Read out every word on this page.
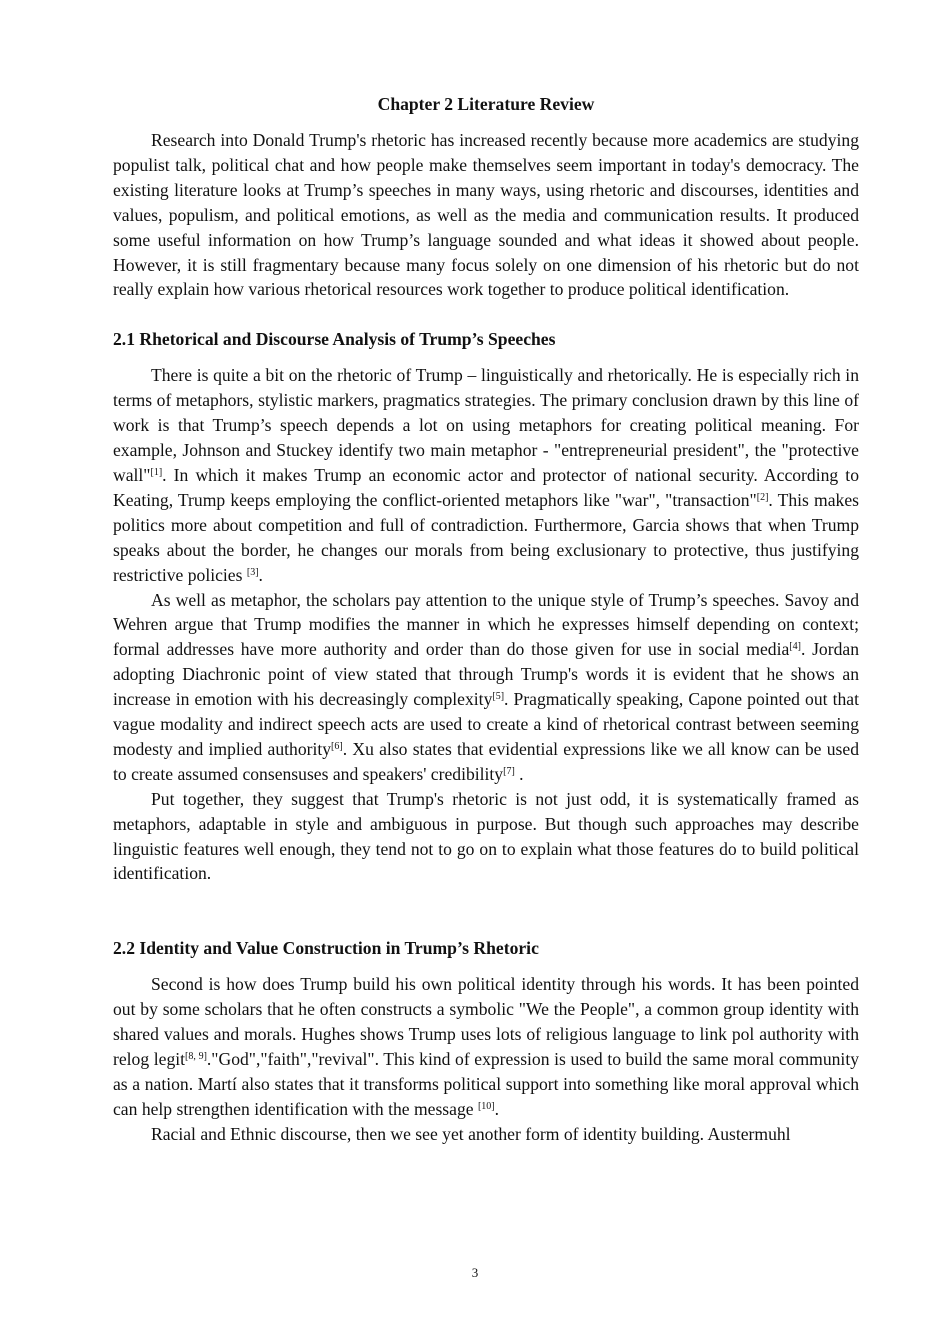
Chapter 2 Literature Review

Research into Donald Trump's rhetoric has increased recently because more academics are studying populist talk, political chat and how people make themselves seem important in today's democracy. The existing literature looks at Trump’s speeches in many ways, using rhetoric and discourses, identities and values, populism, and political emotions, as well as the media and communication results. It produced some useful information on how Trump’s language sounded and what ideas it showed about people. However, it is still fragmentary because many focus solely on one dimension of his rhetoric but do not really explain how various rhetorical resources work together to produce political identification.

2.1 Rhetorical and Discourse Analysis of Trump’s Speeches

There is quite a bit on the rhetoric of Trump – linguistically and rhetorically. He is especially rich in terms of metaphors, stylistic markers, pragmatics strategies. The primary conclusion drawn by this line of work is that Trump’s speech depends a lot on using metaphors for creating political meaning. For example, Johnson and Stuckey identify two main metaphor - "entrepreneurial president", the "protective wall"[1]. In which it makes Trump an economic actor and protector of national security. According to Keating, Trump keeps employing the conflict-oriented metaphors like "war", "transaction"[2]. This makes politics more about competition and full of contradiction. Furthermore, Garcia shows that when Trump speaks about the border, he changes our morals from being exclusionary to protective, thus justifying restrictive policies [3].

As well as metaphor, the scholars pay attention to the unique style of Trump’s speeches. Savoy and Wehren argue that Trump modifies the manner in which he expresses himself depending on context; formal addresses have more authority and order than do those given for use in social media[4]. Jordan adopting Diachronic point of view stated that through Trump's words it is evident that he shows an increase in emotion with his decreasingly complexity[5]. Pragmatically speaking, Capone pointed out that vague modality and indirect speech acts are used to create a kind of rhetorical contrast between seeming modesty and implied authority[6]. Xu also states that evidential expressions like we all know can be used to create assumed consensuses and speakers' credibility[7] .

Put together, they suggest that Trump's rhetoric is not just odd, it is systematically framed as metaphors, adaptable in style and ambiguous in purpose. But though such approaches may describe linguistic features well enough, they tend not to go on to explain what those features do to build political identification.

2.2 Identity and Value Construction in Trump’s Rhetoric

Second is how does Trump build his own political identity through his words. It has been pointed out by some scholars that he often constructs a symbolic "We the People", a common group identity with shared values and morals. Hughes shows Trump uses lots of religious language to link pol authority with relog legit[8, 9]."God","faith","revival". This kind of expression is used to build the same moral community as a nation. Martí also states that it transforms political support into something like moral approval which can help strengthen identification with the message [10].

Racial and Ethnic discourse, then we see yet another form of identity building. Austermuhl

3
